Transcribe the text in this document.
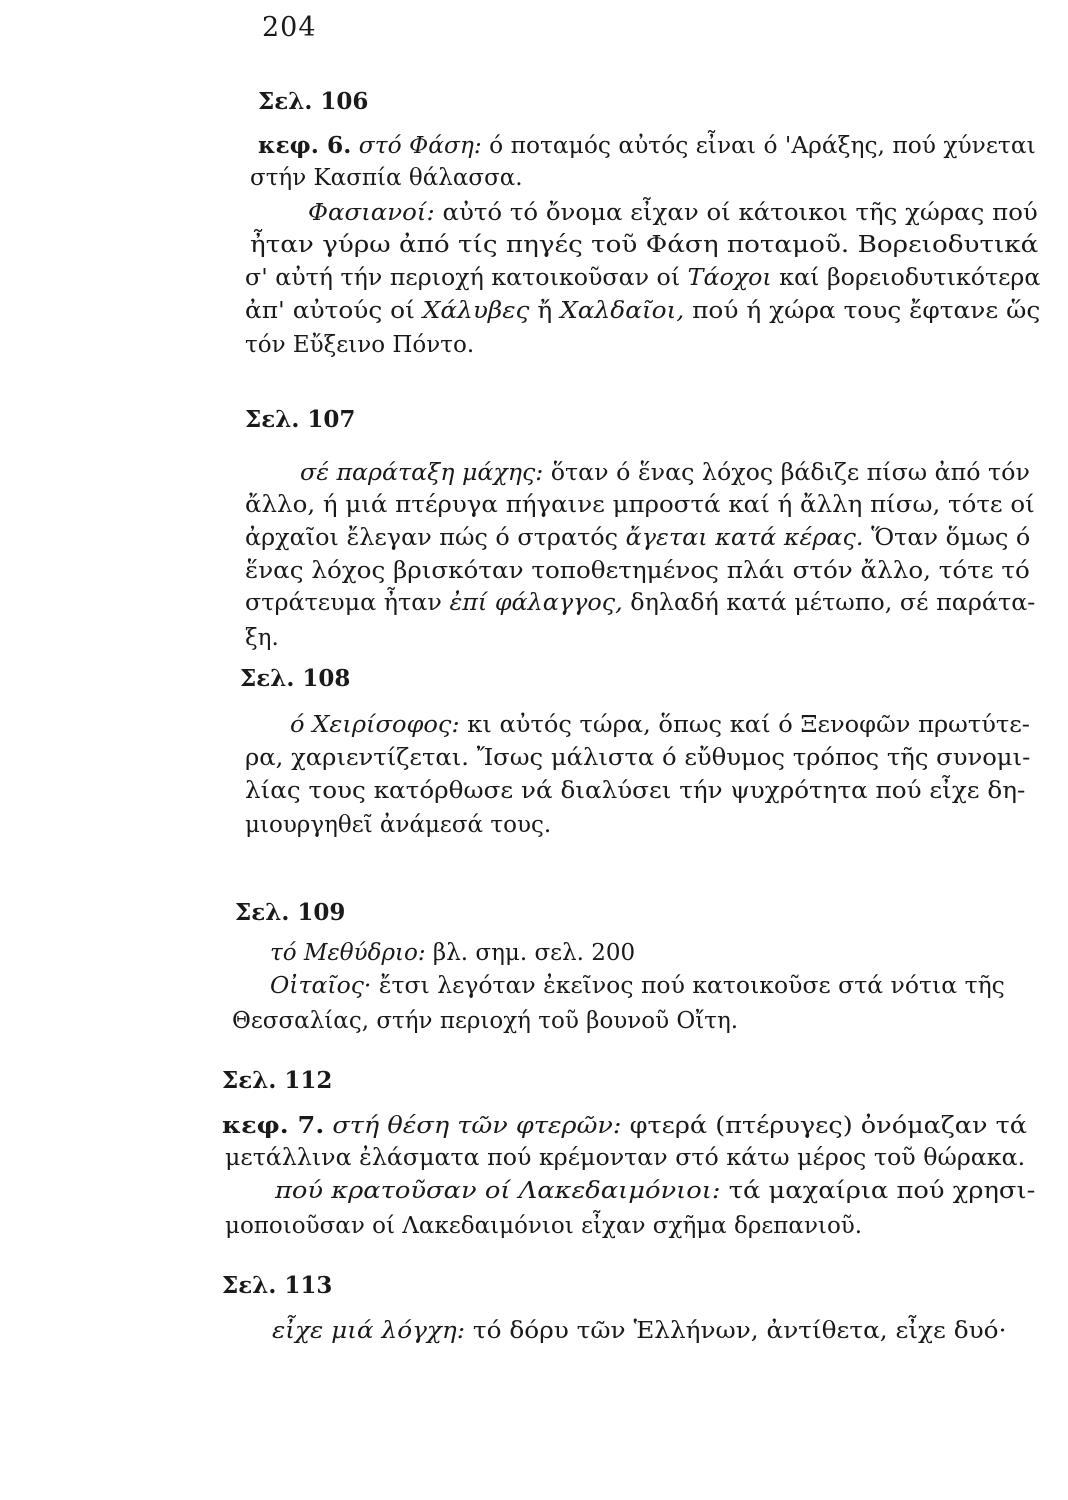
204
Σελ. 106
κεφ. 6. στό Φάση: ό ποταμός αὐτός εἶναι ό 'Αράξης, πού χύνεται
στήν Κασπία θάλασσα.
Φασιανοί: αὐτό τό ὄνομα εἶχαν οί κάτοικοι τῆς χώρας πού
ἦταν γύρω ἀπό τίς πηγές τοῦ Φάση ποταμοῦ. Βορειοδυτικά
σ' αὐτή τήν περιοχή κατοικοῦσαν οί Τάοχοι καί βορειοδυτικότερα
ἀπ' αὐτούς οί Χάλυβες ἤ Χαλδαῖοι, πού ή χώρα τους ἔφτανε ὥς
τόν Εὔξεινο Πόντο.
Σελ. 107
σέ παράταξη μάχης: ὅταν ό ἕνας λόχος βάδιζε πίσω ἀπό τόν
ἄλλο, ή μιά πτέρυγα πήγαινε μπροστά καί ή ἄλλη πίσω, τότε οί
ἀρχαῖοι ἔλεγαν πώς ό στρατός ἄγεται κατά κέρας. Ὅταν ὅμως ό
ἕνας λόχος βρισκόταν τοποθετημένος πλάι στόν ἄλλο, τότε τό
στράτευμα ἦταν ἐπί φάλαγγος, δηλαδή κατά μέτωπο, σέ παράτα-
ξη.
Σελ. 108
ό Χειρίσοφος: κι αὐτός τώρα, ὅπως καί ό Ξενοφῶν πρωτύτε-
ρα, χαριεντίζεται. Ἴσως μάλιστα ό εὔθυμος τρόπος τῆς συνομι-
λίας τους κατόρθωσε νά διαλύσει τήν ψυχρότητα πού εἶχε δη-
μιουργηθεῖ ἀνάμεσά τους.
Σελ. 109
τό Μεθύδριο: βλ. σημ. σελ. 200
Οἰταῖος· ἔτσι λεγόταν ἐκεῖνος πού κατοικοῦσε στά νότια τῆς
Θεσσαλίας, στήν περιοχή τοῦ βουνοῦ Οἴτη.
Σελ. 112
κεφ. 7. στή θέση τῶν φτερῶν: φτερά (πτέρυγες) ὀνόμαζαν τά
μετάλλινα ἐλάσματα πού κρέμονταν στό κάτω μέρος τοῦ θώρακα.
πού κρατοῦσαν οί Λακεδαιμόνιοι: τά μαχαίρια πού χρησι-
μοποιοῦσαν οί Λακεδαιμόνιοι εἶχαν σχῆμα δρεπανιοῦ.
Σελ. 113
εἶχε μιά λόγχη: τό δόρυ τῶν Ἑλλήνων, ἀντίθετα, εἶχε δυό·
